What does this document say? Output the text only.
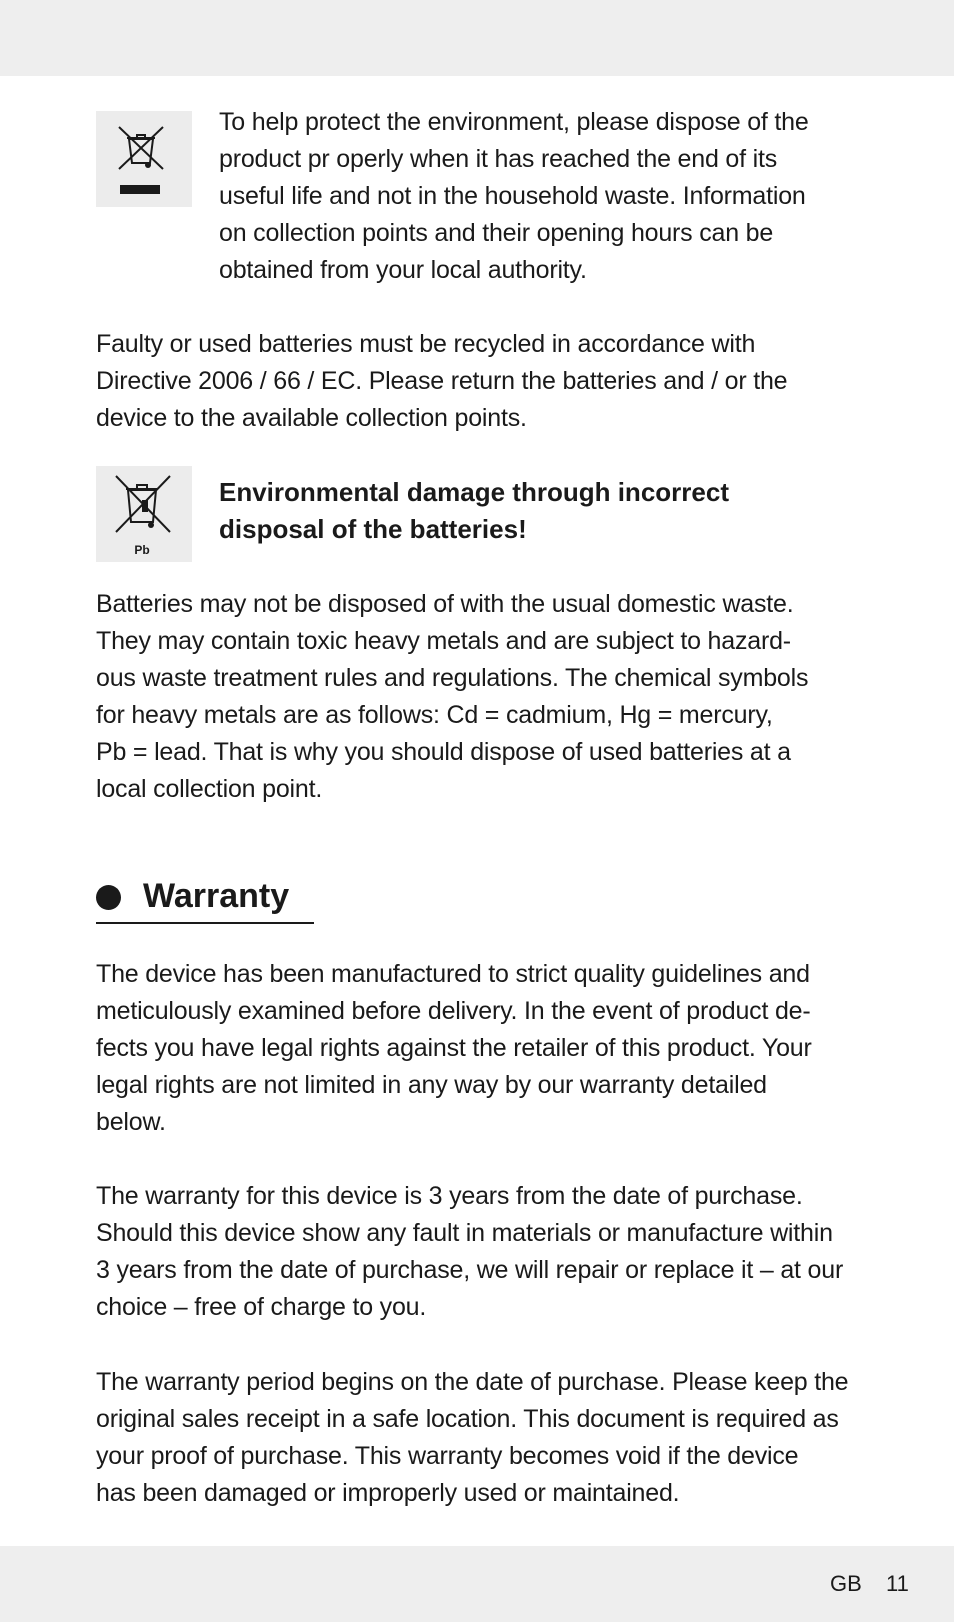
To help protect the environment, please dispose of the
product pr operly when it has reached the end of its
useful life and not in the household waste. Information
on collection points and their opening hours can be
obtained from your local authority.

Faulty or used batteries must be recycled in accordance with
Directive 2006 / 66 / EC. Please return the batteries and / or the
device to the available collection points.

Pb

Environmental damage through incorrect
disposal of the batteries!

Batteries may not be disposed of with the usual domestic waste.
They may contain toxic heavy metals and are subject to hazard-
ous waste treatment rules and regulations. The chemical symbols
for heavy metals are as follows: Cd = cadmium, Hg = mercury,
Pb = lead. That is why you should dispose of used batteries at a
local collection point.

Warranty

The device has been manufactured to strict quality guidelines and
meticulously examined before delivery. In the event of product de-
fects you have legal rights against the retailer of this product. Your
legal rights are not limited in any way by our warranty detailed
below.

The warranty for this device is 3 years from the date of purchase.
Should this device show any fault in materials or manufacture within
3 years from the date of purchase, we will repair or replace it – at our
choice – free of charge to you.

The warranty period begins on the date of purchase. Please keep the
original sales receipt in a safe location. This document is required as
your proof of purchase. This warranty becomes void if the device
has been damaged or improperly used or maintained.

GB 11
